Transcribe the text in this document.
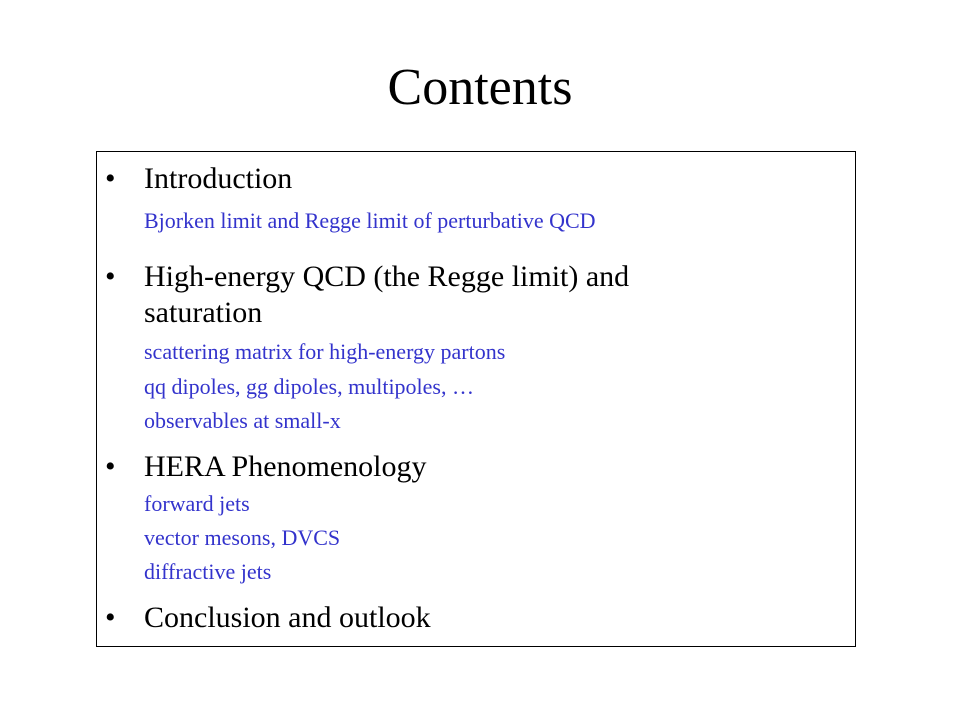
Contents
• Introduction
Bjorken limit and Regge limit of perturbative QCD
• High-energy QCD (the Regge limit) and
saturation
scattering matrix for high-energy partons
qq dipoles, gg dipoles, multipoles, …
observables at small-x
• HERA Phenomenology
forward jets
vector mesons, DVCS
diffractive jets
• Conclusion and outlook
